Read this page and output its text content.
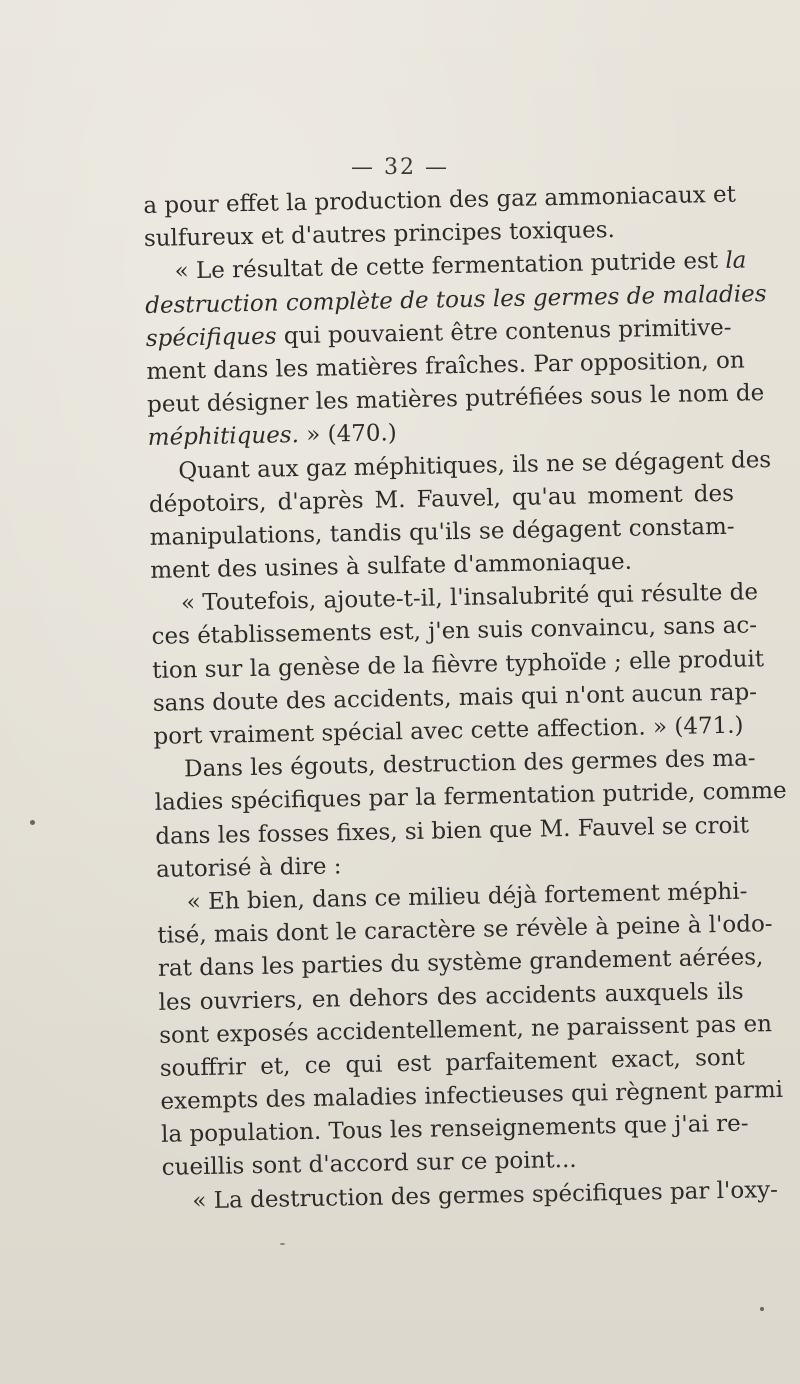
— 32 —
a pour effet la production des gaz ammoniacaux et
sulfureux et d'autres principes toxiques.
« Le résultat de cette fermentation putride est la
destruction complète de tous les germes de maladies
spécifiques qui pouvaient être contenus primitive-
ment dans les matières fraîches. Par opposition, on
peut désigner les matières putréfiées sous le nom de
méphitiques. » (470.)
Quant aux gaz méphitiques, ils ne se dégagent des
dépotoirs, d'après M. Fauvel, qu'au moment des
manipulations, tandis qu'ils se dégagent constam-
ment des usines à sulfate d'ammoniaque.
« Toutefois, ajoute-t-il, l'insalubrité qui résulte de
ces établissements est, j'en suis convaincu, sans ac-
tion sur la genèse de la fièvre typhoïde ; elle produit
sans doute des accidents, mais qui n'ont aucun rap-
port vraiment spécial avec cette affection. » (471.)
Dans les égouts, destruction des germes des ma-
ladies spécifiques par la fermentation putride, comme
dans les fosses fixes, si bien que M. Fauvel se croit
autorisé à dire :
« Eh bien, dans ce milieu déjà fortement méphi-
tisé, mais dont le caractère se révèle à peine à l'odo-
rat dans les parties du système grandement aérées,
les ouvriers, en dehors des accidents auxquels ils
sont exposés accidentellement, ne paraissent pas en
souffrir et, ce qui est parfaitement exact, sont
exempts des maladies infectieuses qui règnent parmi
la population. Tous les renseignements que j'ai re-
cueillis sont d'accord sur ce point...
« La destruction des germes spécifiques par l'oxy-
